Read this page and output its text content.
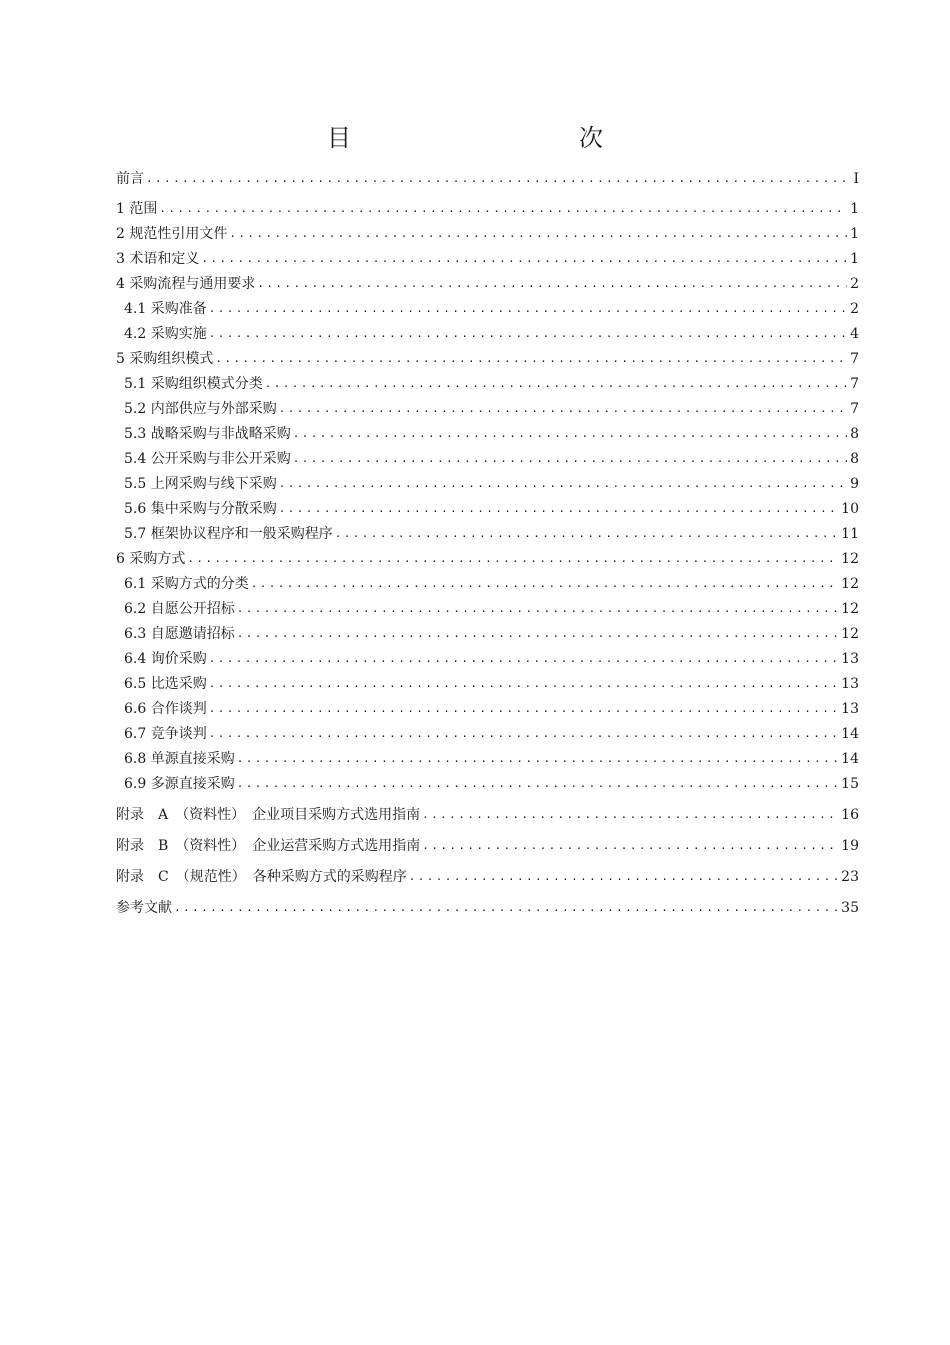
目　　次
前言 .....	I
1 范围 .....	1
2 规范性引用文件 .....	1
3 术语和定义 .....	1
4 采购流程与通用要求 .....	2
4.1 采购准备 .....	2
4.2 采购实施 .....	4
5 采购组织模式 .....	7
5.1 采购组织模式分类 .....	7
5.2 内部供应与外部采购 .....	7
5.3 战略采购与非战略采购 .....	8
5.4 公开采购与非公开采购 .....	8
5.5 上网采购与线下采购 .....	9
5.6 集中采购与分散采购 .....	10
5.7 框架协议程序和一般采购程序 .....	11
6 采购方式 .....	12
6.1 采购方式的分类 .....	12
6.2 自愿公开招标 .....	12
6.3 自愿邀请招标 .....	12
6.4 询价采购 .....	13
6.5 比选采购 .....	13
6.6 合作谈判 .....	13
6.7 竞争谈判 .....	14
6.8 单源直接采购 .....	14
6.9 多源直接采购 .....	15
附录　A　（资料性）　企业项目采购方式选用指南 .....	16
附录　B　（资料性）　企业运营采购方式选用指南 .....	19
附录　C　（规范性）　各种采购方式的采购程序 .....	23
参考文献 .....	35
